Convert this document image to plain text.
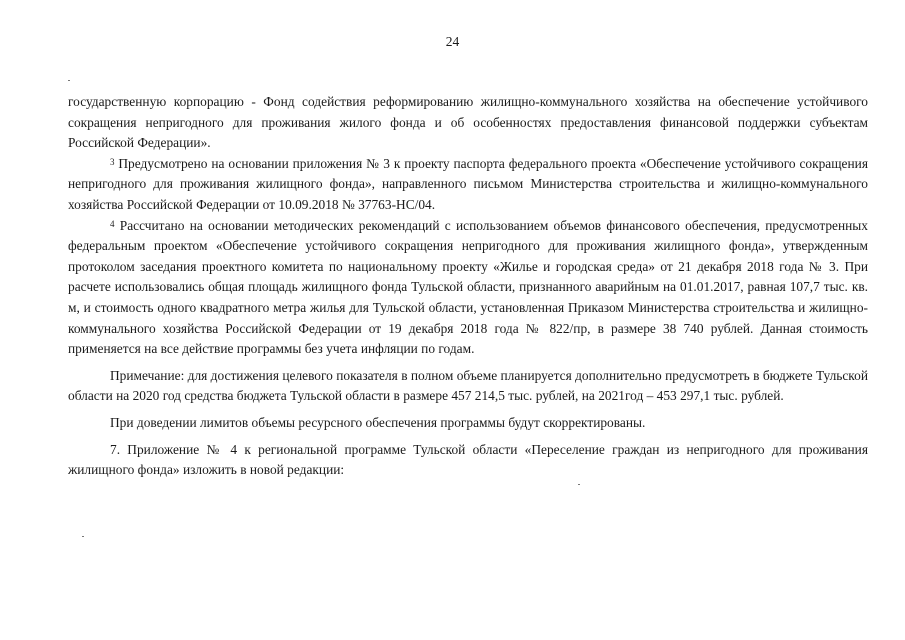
24

государственную корпорацию - Фонд содействия реформированию жилищно-коммунального хозяйства на обеспечение устойчивого сокращения непригодного для проживания жилого фонда и об особенностях предоставления финансовой поддержки субъектам Российской Федерации».

$^3$ Предусмотрено на основании приложения № 3 к проекту паспорта федерального проекта «Обеспечение устойчивого сокращения непригодного для проживания жилищного фонда», направленного письмом Министерства строительства и жилищно-коммунального хозяйства Российской Федерации от 10.09.2018 № 37763-НС/04.

$^4$ Рассчитано на основании методических рекомендаций с использованием объемов финансового обеспечения, предусмотренных федеральным проектом «Обеспечение устойчивого сокращения непригодного для проживания жилищного фонда», утвержденным протоколом заседания проектного комитета по национальному проекту «Жилье и городская среда» от 21 декабря 2018 года № 3. При расчете использовались общая площадь жилищного фонда Тульской области, признанного аварийным на 01.01.2017, равная 107,7 тыс. кв. м, и стоимость одного квадратного метра жилья для Тульской области, установленная Приказом Министерства строительства и жилищно-коммунального хозяйства Российской Федерации от 19 декабря 2018 года № 822/пр, в размере 38 740 рублей. Данная стоимость применяется на все действие программы без учета инфляции по годам.

Примечание: для достижения целевого показателя в полном объеме планируется дополнительно предусмотреть в бюджете Тульской области на 2020 год средства бюджета Тульской области в размере 457 214,5 тыс. рублей, на 2021год – 453 297,1 тыс. рублей.

При доведении лимитов объемы ресурсного обеспечения программы будут скорректированы.

7. Приложение № 4 к региональной программе Тульской области «Переселение граждан из непригодного для проживания жилищного фонда» изложить в новой редакции:
